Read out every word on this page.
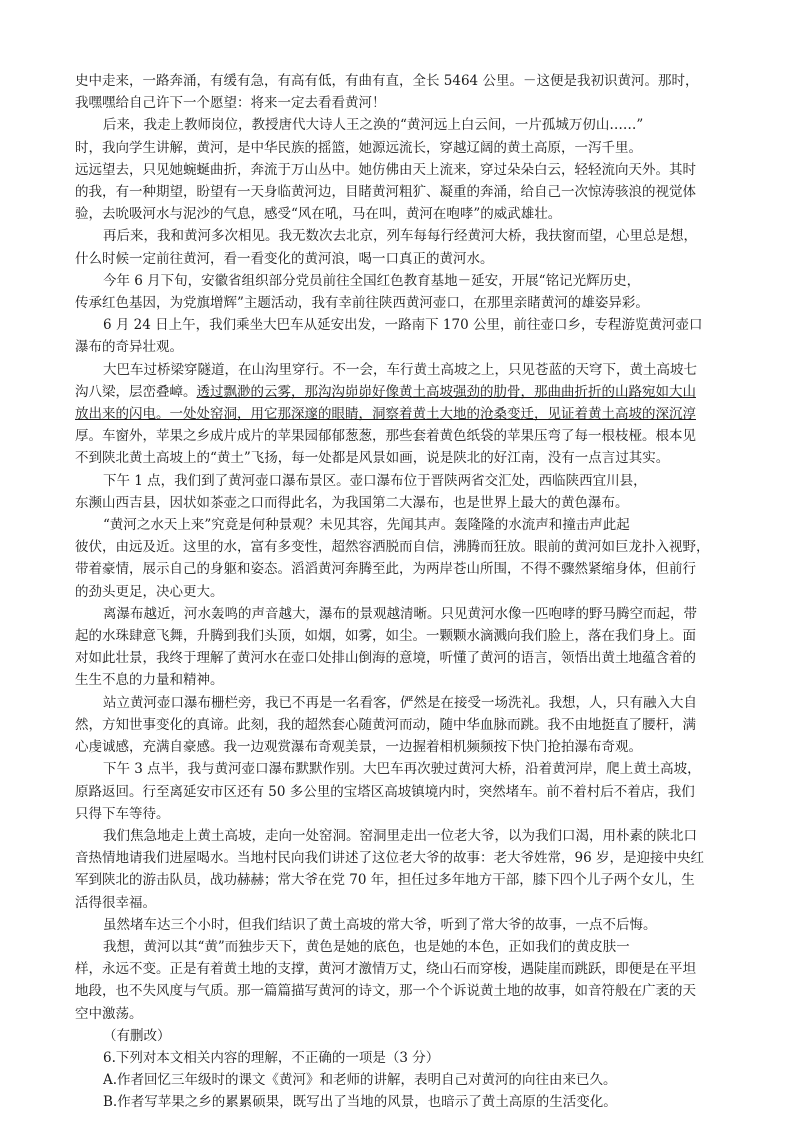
史中走来，一路奔涌，有缓有急，有高有低，有曲有直，全长 5464 公里。－这便是我初识黄河。那时，
我嘿嘿给自己许下一个愿望：将来一定去看看黄河！
后来，我走上教师岗位，教授唐代大诗人王之涣的“黄河远上白云间，一片孤城万仞山……”
时，我向学生讲解，黄河，是中华民族的摇篮，她源远流长，穿越辽阔的黄土高原，一泻千里。
远远望去，只见她蜿蜒曲折，奔流于万山丛中。她仿佛由天上流来，穿过朵朵白云，轻轻流向天外。其时
的我，有一种期望，盼望有一天身临黄河边，目睹黄河粗犷、凝重的奔涌，给自己一次惊涛骇浪的视觉体
验，去吮吸河水与泥沙的气息，感受“风在吼，马在叫，黄河在咆哮”的威武雄壮。
再后来，我和黄河多次相见。我无数次去北京，列车每每行经黄河大桥，我扶窗而望，心里总是想，
什么时候一定前往黄河，看一看变化的黄河浪，喝一口真正的黄河水。
今年 6 月下旬，安徽省组织部分党员前往全国红色教育基地－延安，开展“铭记光辉历史，
传承红色基因，为党旗增辉”主题活动，我有幸前往陕西黄河壶口，在那里亲睹黄河的雄姿异彩。
6 月 24 日上午，我们乘坐大巴车从延安出发，一路南下 170 公里，前往壶口乡，专程游览黄河壶口
瀑布的奇异壮观。
大巴车过桥梁穿隧道，在山沟里穿行。不一会，车行黄土高坡之上，只见苍蓝的天穹下，黄土高坡七
沟八梁，层峦叠嶂。透过飘渺的云雾，那沟沟峁峁好像黄土高坡强劲的肋骨，那曲曲折折的山路宛如大山
放出来的闪电。一处处窑洞，用它那深邃的眼睛，洞察着黄土大地的沧桑变迁，见证着黄土高坡的深沉淳
厚。车窗外，苹果之乡成片成片的苹果园郁郁葱葱，那些套着黄色纸袋的苹果压弯了每一根枝桠。根本见
不到陕北黄土高坡上的“黄土”飞扬，每一处都是风景如画，说是陕北的好江南，没有一点言过其实。
下午 1 点，我们到了黄河壶口瀑布景区。壶口瀑布位于晋陕两省交汇处，西临陕西宜川县，
东濒山西吉县，因状如茶壶之口而得此名，为我国第二大瀑布，也是世界上最大的黄色瀑布。
“黄河之水天上来”究竟是何种景观？未见其容，先闻其声。轰隆隆的水流声和撞击声此起
彼伏，由远及近。这里的水，富有多变性，超然容洒脱而自信，沸腾而狂放。眼前的黄河如巨龙扑入视野，
带着豪情，展示自己的身躯和姿态。滔滔黄河奔腾至此，为两岸苍山所围，不得不骤然紧缩身体，但前行
的劲头更足，决心更大。
离瀑布越近，河水轰鸣的声音越大，瀑布的景观越清晰。只见黄河水像一匹咆哮的野马腾空而起，带
起的水珠肆意飞舞，升腾到我们头顶，如烟，如雾，如尘。一颗颗水滴溅向我们脸上，落在我们身上。面
对如此壮景，我终于理解了黄河水在壶口处排山倒海的意境，听懂了黄河的语言，领悟出黄土地蕴含着的
生生不息的力量和精神。
站立黄河壶口瀑布栅栏旁，我已不再是一名看客，俨然是在接受一场洗礼。我想，人，只有融入大自
然，方知世事变化的真谛。此刻，我的超然套心随黄河而动，随中华血脉而跳。我不由地挺直了腰杆，满
心虔诚感，充满自豪感。我一边观赏瀑布奇观美景，一边握着相机频频按下快门抢拍瀑布奇观。
下午 3 点半，我与黄河壶口瀑布默默作别。大巴车再次驶过黄河大桥，沿着黄河岸，爬上黄土高坡，
原路返回。行至离延安市区还有 50 多公里的宝塔区高坡镇境内时，突然堵车。前不着村后不着店，我们
只得下车等待。
我们焦急地走上黄土高坡，走向一处窑洞。窑洞里走出一位老大爷，以为我们口渴，用朴素的陕北口
音热情地请我们进屋喝水。当地村民向我们讲述了这位老大爷的故事：老大爷姓常，96 岁，是迎接中央红
军到陕北的游击队员，战功赫赫；常大爷在党 70 年，担任过多年地方干部，膝下四个儿子两个女儿，生
活得很幸福。
虽然堵车达三个小时，但我们结识了黄土高坡的常大爷，听到了常大爷的故事，一点不后悔。
我想，黄河以其“黄”而独步天下，黄色是她的底色，也是她的本色，正如我们的黄皮肤一
样，永远不变。正是有着黄土地的支撑，黄河才激情万丈，绕山石而穿梭，遇陡崖而跳跃，即便是在平坦
地段，也不失风度与气质。那一篇篇描写黄河的诗文，那一个个诉说黄土地的故事，如音符般在广袤的天
空中激荡。
（有删改）
6.下列对本文相关内容的理解，不正确的一项是（3 分）
A.作者回忆三年级时的课文《黄河》和老师的讲解，表明自己对黄河的向往由来已久。
B.作者写苹果之乡的累累硕果，既写出了当地的风景，也暗示了黄土高原的生活变化。
